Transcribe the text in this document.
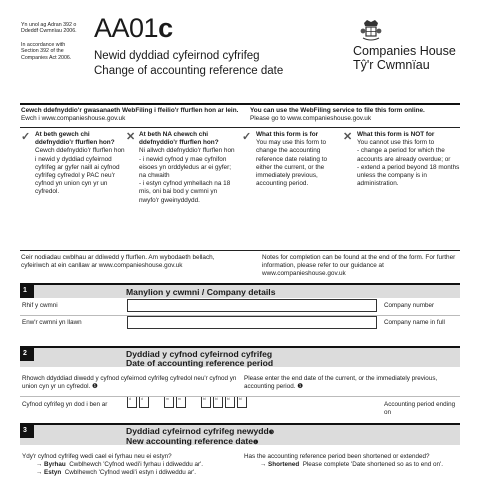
Yn unol ag Adran 392 o Ddeddf Cwmnïau 2006.
In accordance with Section 392 of the Companies Act 2006.
AA01c
Newid dyddiad cyfeirnod cyfrifeg
Change of accounting reference date
Companies House
Tŷ'r Cwmnïau
Cewch ddefnyddio'r gwasanaeth WebFiling i ffeilio'r ffurflen hon ar lein. Ewch i www.companieshouse.gov.uk
You can use the WebFiling service to file this form online.
Please go to www.companieshouse.gov.uk
✓ At beth gewch chi ddefnyddio'r ffurflen hon?
Cewch ddefnyddio'r ffurflen hon i newid y dyddiad cyfeirnod cyfrifeg ar gyfer naill ai cyfnod cyfrifeg cyfredol y PAC neu'r cyfnod yn union cyn yr un cyfredol.
✕ At beth NA chewch chi ddefnyddio'r ffurflen hon?
Ni allwch ddefnyddio'r ffurflen hon
- i newid cyfnod y mae cyfnifon eisoes yn orddyledus ar ei gyfer; na chwaith
- i estyn cyfnod ymhellach na 18 mis, oni bai bod y cwmni yn nwyfo'r gweinyddydd.
✓ What this form is for
You may use this form to change the accounting reference date relating to either the current, or the immediately previous, accounting period.
✕ What this form is NOT for
You cannot use this form to
- change a period for which the accounts are already overdue; or
- extend a period beyond 18 months unless the company is in administration.
Ceir nodiadau cwblhau ar ddiwedd y ffurflen. Am wybodaeth bellach, cyfeiriwch at ein canllaw ar www.companieshouse.gov.uk
Notes for completion can be found at the end of the form. For further information, please refer to our guidance at www.companieshouse.gov.uk
1	Manylion y cwmni / Company details
Rhif y cwmni	Company number
Enw'r cwmni yn llawn	Company name in full
2	Dyddiad y cyfnod cyfeirnod cyfrifeg
Date of accounting reference period
Rhowch ddyddiad diwedd y cyfnod cyfeirnod cyfrifeg cyfredol neu'r cyfnod yn union cyn yr un cyfredol. ❶
Please enter the end date of the current, or the immediately previous, accounting period. ❶
Cyfnod cyfrifeg yn dod i ben ar
d	d	m	m	bl	bl	bl	bl
Accounting period ending on
3	Dyddiad cyfeirnod cyfrifeg newydd❸
New accounting reference date❶
Ydy'r cyfnod cyfrifeg wedi cael ei fyrhau neu ei estyn?
→ Byrhau Cwblhewch 'Cyfnod wedi'i fyrhau i ddiweddu ar'.
→ Estyn Cwblhewch 'Cyfnod wedi'i estyn i ddiweddu ar'.
Has the accounting reference period been shortened or extended?
→ Shortened Please complete 'Date shortened so as to end on'.
